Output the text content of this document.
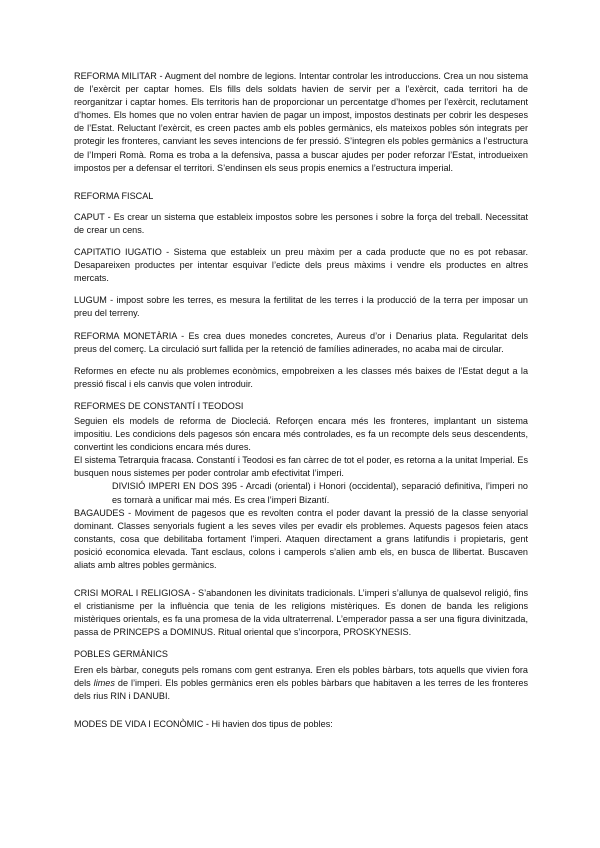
REFORMA MILITAR - Augment del nombre de legions. Intentar controlar les introduccions. Crea un nou sistema de l’exèrcit per captar homes. Els fills dels soldats havien de servir per a l’exèrcit, cada territori ha de reorganitzar i captar homes. Els territoris han de proporcionar un percentatge d’homes per l’exèrcit, reclutament d’homes. Els homes que no volen entrar havien de pagar un impost, impostos destinats per cobrir les despeses de l’Estat. Reluctant l’exèrcit, es creen pactes amb els pobles germànics, els mateixos pobles són integrats per protegir les fronteres, canviant les seves intencions de fer pressió. S’integren els pobles germànics a l’estructura de l’Imperi Romà. Roma es troba a la defensiva, passa a buscar ajudes per poder reforzar l’Estat, introdueixen impostos per a defensar el territori. S’endinsen els seus propis enemics a l’estructura imperial.

REFORMA FISCAL

CAPUT - Es crear un sistema que estableix impostos sobre les persones i sobre la força del treball. Necessitat de crear un cens.

CAPITATIO IUGATIO - Sistema que estableix un preu màxim per a cada producte que no es pot rebasar. Desapareixen productes per intentar esquivar l’edicte dels preus màxims i vendre els productes en altres mercats.

LUGUM - impost sobre les terres, es mesura la fertilitat de les terres i la producció de la terra per imposar un preu del terreny.

REFORMA MONETÀRIA - Es crea dues monedes concretes, Aureus d’or i Denarius plata. Regularitat dels preus del comerç. La circulació surt fallida per la retenció de famílies adinerades, no acaba mai de circular.

Reformes en efecte nu als problemes econòmics, empobreixen a les classes més baixes de l’Estat degut a la pressió fiscal i els canvis que volen introduir.

REFORMES DE CONSTANTÍ I TEODOSI

Seguien els models de reforma de Diocleciá. Reforçen encara més les fronteres, implantant un sistema impositiu. Les condicions dels pagesos són encara més controlades, es fa un recompte dels seus descendents, convertint les condicions encara més dures.

El sistema Tetrarquia fracasa. Constantí i Teodosi es fan càrrec de tot el poder, es retorna a la unitat Imperial. Es busquen nous sistemes per poder controlar amb efectivitat l’imperi.

DIVISIÓ IMPERI EN DOS 395 - Arcadi (oriental) i Honori (occidental), separació definitiva, l’imperi no es tornarà a unificar mai més. Es crea l’imperi Bizantí.

BAGAUDES - Moviment de pagesos que es revolten contra el poder davant la pressió de la classe senyorial dominant. Classes senyorials fugient a les seves viles per evadir els problemes. Aquests pagesos feien atacs constants, cosa que debilitaba fortament l’imperi. Ataquen directament a grans latifundis i propietaris, gent posició economica elevada. Tant esclaus, colons i camperols s’alien amb els, en busca de llibertat. Buscaven aliats amb altres pobles germànics.

CRISI MORAL I RELIGIOSA - S’abandonen les divinitats tradicionals. L’imperi s’allunya de qualsevol religió, fins el cristianisme per la influència que tenia de les religions mistèriques. Es donen de banda les religions mistèriques orientals, es fa una promesa de la vida ultraterrenal. L’emperador passa a ser una figura divinitzada, passa de PRINCEPS a DOMINUS. Ritual oriental que s’incorpora, PROSKYNESIS.

POBLES GERMÀNICS

Eren els bàrbar, coneguts pels romans com gent estranya. Eren els pobles bàrbars, tots aquells que vivien fora dels limes de l’imperi. Els pobles germànics eren els pobles bàrbars que habitaven a les terres de les fronteres dels rius RIN i DANUBI.

MODES DE VIDA I ECONÒMIC - Hi havien dos tipus de pobles:
